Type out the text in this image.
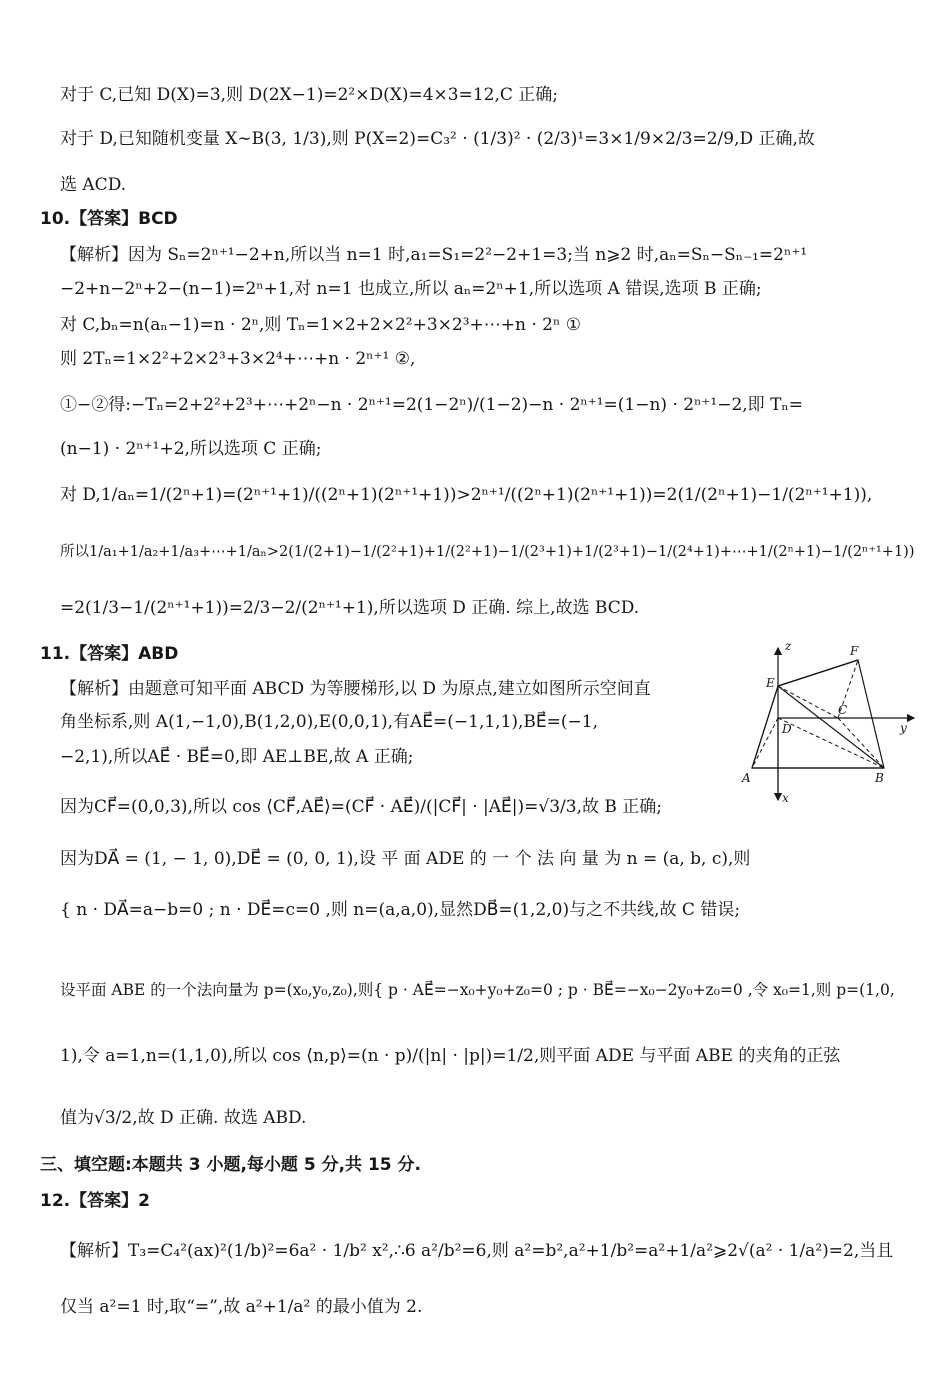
对于 C,已知 D(X)=3,则 D(2X−1)=2²×D(X)=4×3=12,C 正确;
对于 D,已知随机变量 X∼B(3, 1/3),则 P(X=2)=C₃² · (1/3)² · (2/3)¹=3×1/9×2/3=2/9,D 正确,故
选 ACD.
10.【答案】BCD
【解析】因为 Sₙ=2ⁿ⁺¹−2+n,所以当 n=1 时,a₁=S₁=2²−2+1=3;当 n⩾2 时,aₙ=Sₙ−Sₙ₋₁=2ⁿ⁺¹
−2+n−2ⁿ+2−(n−1)=2ⁿ+1,对 n=1 也成立,所以 aₙ=2ⁿ+1,所以选项 A 错误,选项 B 正确;
对 C,bₙ=n(aₙ−1)=n · 2ⁿ,则 Tₙ=1×2+2×2²+3×2³+⋯+n · 2ⁿ ①
则 2Tₙ=1×2²+2×2³+3×2⁴+⋯+n · 2ⁿ⁺¹ ②,
①−②得:−Tₙ=2+2²+2³+⋯+2ⁿ−n · 2ⁿ⁺¹=2(1−2ⁿ)/(1−2)−n · 2ⁿ⁺¹=(1−n) · 2ⁿ⁺¹−2,即 Tₙ=
(n−1) · 2ⁿ⁺¹+2,所以选项 C 正确;
对 D,1/aₙ=1/(2ⁿ+1)=(2ⁿ⁺¹+1)/((2ⁿ+1)(2ⁿ⁺¹+1))>2ⁿ⁺¹/((2ⁿ+1)(2ⁿ⁺¹+1))=2(1/(2ⁿ+1)−1/(2ⁿ⁺¹+1)),
所以1/a₁+1/a₂+1/a₃+⋯+1/aₙ>2(1/(2+1)−1/(2²+1)+1/(2²+1)−1/(2³+1)+1/(2³+1)−1/(2⁴+1)+⋯+1/(2ⁿ+1)−1/(2ⁿ⁺¹+1))
=2(1/3−1/(2ⁿ⁺¹+1))=2/3−2/(2ⁿ⁺¹+1),所以选项 D 正确. 综上,故选 BCD.
11.【答案】ABD
【解析】由题意可知平面 ABCD 为等腰梯形,以 D 为原点,建立如图所示空间直
角坐标系,则 A(1,−1,0),B(1,2,0),E(0,0,1),有AE⃗=(−1,1,1),BE⃗=(−1,
−2,1),所以AE⃗ · BE⃗=0,即 AE⊥BE,故 A 正确;
因为CF⃗=(0,0,3),所以 cos ⟨CF⃗,AE⃗⟩=(CF⃗ · AE⃗)/(|CF⃗| · |AE⃗|)=√3/3,故 B 正确;
因为DA⃗ = (1, − 1, 0),DE⃗ = (0, 0, 1),设 平 面 ADE 的 一 个 法 向 量 为 n = (a, b, c),则
{ n · DA⃗=a−b=0 ; n · DE⃗=c=0 ,则 n=(a,a,0),显然DB⃗=(1,2,0)与之不共线,故 C 错误;
设平面 ABE 的一个法向量为 p=(x₀,y₀,z₀),则{ p · AE⃗=−x₀+y₀+z₀=0 ; p · BE⃗=−x₀−2y₀+z₀=0 ,令 x₀=1,则 p=(1,0,
1),令 a=1,n=(1,1,0),所以 cos ⟨n,p⟩=(n · p)/(|n| · |p|)=1/2,则平面 ADE 与平面 ABE 的夹角的正弦
值为√3/2,故 D 正确. 故选 ABD.
三、填空题:本题共 3 小题,每小题 5 分,共 15 分.
12.【答案】2
【解析】T₃=C₄²(ax)²(1/b)²=6a² · 1/b² x²,∴6 a²/b²=6,则 a²=b²,a²+1/b²=a²+1/a²⩾2√(a² · 1/a²)=2,当且
仅当 a²=1 时,取“=”,故 a²+1/a² 的最小值为 2.
z	F
E
C
D	y
A	B
x
